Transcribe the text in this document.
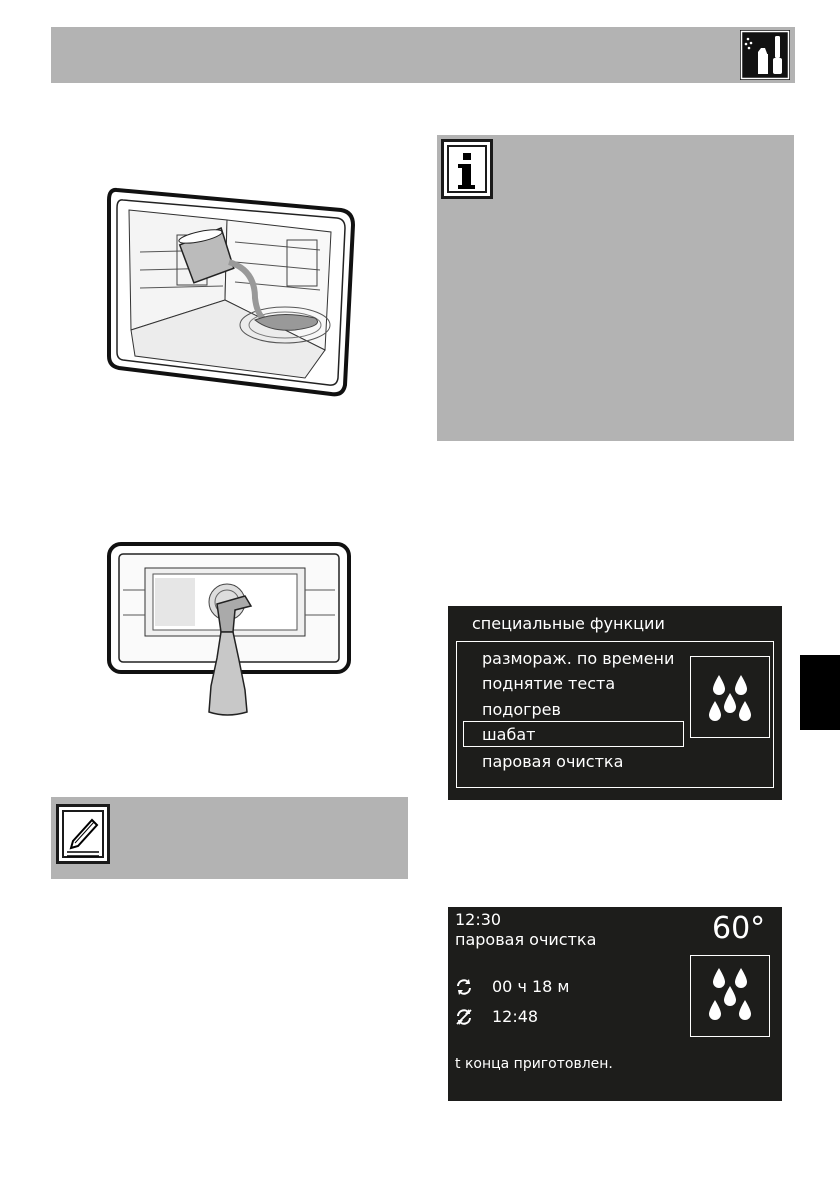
специальные функции
размораж. по времени
поднятие теста
подогрев
шабат
паровая очистка
12:30
паровая очистка	60°
00 ч 18 м
12:48
t конца приготовлен.
